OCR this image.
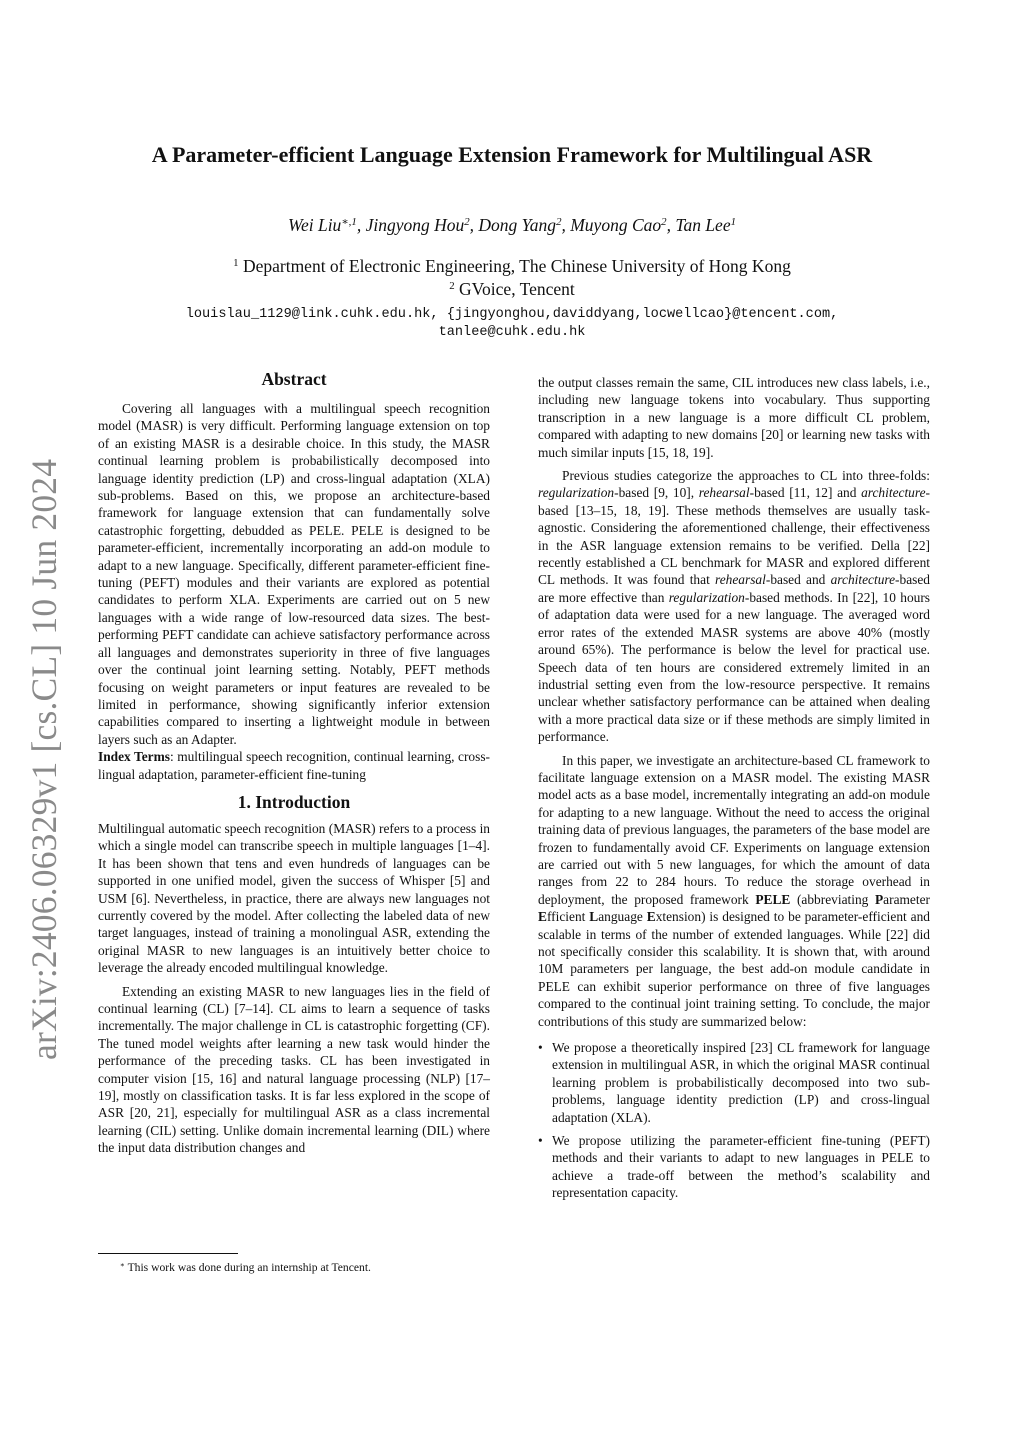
arXiv:2406.06329v1 [cs.CL] 10 Jun 2024
A Parameter-efficient Language Extension Framework for Multilingual ASR
Wei Liu$^{∗,1}$, Jingyong Hou$^2$, Dong Yang$^2$, Muyong Cao$^2$, Tan Lee$^1$
$^1$ Department of Electronic Engineering, The Chinese University of Hong Kong
$^2$ GVoice, Tencent
louislau_1129@link.cuhk.edu.hk, {jingyonghou,daviddyang,locwellcao}@tencent.com,
tanlee@cuhk.edu.hk
Abstract

Covering all languages with a multilingual speech recognition model (MASR) is very difficult. Performing language extension on top of an existing MASR is a desirable choice. In this study, the MASR continual learning problem is probabilistically decomposed into language identity prediction (LP) and cross-lingual adaptation (XLA) sub-problems. Based on this, we propose an architecture-based framework for language extension that can fundamentally solve catastrophic forgetting, debudded as PELE. PELE is designed to be parameter-efficient, incrementally incorporating an add-on module to adapt to a new language. Specifically, different parameter-efficient fine-tuning (PEFT) modules and their variants are explored as potential candidates to perform XLA. Experiments are carried out on 5 new languages with a wide range of low-resourced data sizes. The best-performing PEFT candidate can achieve satisfactory performance across all languages and demonstrates superiority in three of five languages over the continual joint learning setting. Notably, PEFT methods focusing on weight parameters or input features are revealed to be limited in performance, showing significantly inferior extension capabilities compared to inserting a lightweight module in between layers such as an Adapter.

Index Terms: multilingual speech recognition, continual learning, cross-lingual adaptation, parameter-efficient fine-tuning

1. Introduction

Multilingual automatic speech recognition (MASR) refers to a process in which a single model can transcribe speech in multiple languages [1–4]. It has been shown that tens and even hundreds of languages can be supported in one unified model, given the success of Whisper [5] and USM [6]. Nevertheless, in practice, there are always new languages not currently covered by the model. After collecting the labeled data of new target languages, instead of training a monolingual ASR, extending the original MASR to new languages is an intuitively better choice to leverage the already encoded multilingual knowledge.

Extending an existing MASR to new languages lies in the field of continual learning (CL) [7–14]. CL aims to learn a sequence of tasks incrementally. The major challenge in CL is catastrophic forgetting (CF). The tuned model weights after learning a new task would hinder the performance of the preceding tasks. CL has been investigated in computer vision [15, 16] and natural language processing (NLP) [17–19], mostly on classification tasks. It is far less explored in the scope of ASR [20, 21], especially for multilingual ASR as a class incremental learning (CIL) setting. Unlike domain incremental learning (DIL) where the input data distribution changes and

∗ This work was done during an internship at Tencent.

the output classes remain the same, CIL introduces new class labels, i.e., including new language tokens into vocabulary. Thus supporting transcription in a new language is a more difficult CL problem, compared with adapting to new domains [20] or learning new tasks with much similar inputs [15, 18, 19].

Previous studies categorize the approaches to CL into three-folds: regularization-based [9, 10], rehearsal-based [11, 12] and architecture-based [13–15, 18, 19]. These methods themselves are usually task-agnostic. Considering the aforementioned challenge, their effectiveness in the ASR language extension remains to be verified. Della [22] recently established a CL benchmark for MASR and explored different CL methods. It was found that rehearsal-based and architecture-based are more effective than regularization-based methods. In [22], 10 hours of adaptation data were used for a new language. The averaged word error rates of the extended MASR systems are above 40% (mostly around 65%). The performance is below the level for practical use. Speech data of ten hours are considered extremely limited in an industrial setting even from the low-resource perspective. It remains unclear whether satisfactory performance can be attained when dealing with a more practical data size or if these methods are simply limited in performance.

In this paper, we investigate an architecture-based CL framework to facilitate language extension on a MASR model. The existing MASR model acts as a base model, incrementally integrating an add-on module for adapting to a new language. Without the need to access the original training data of previous languages, the parameters of the base model are frozen to fundamentally avoid CF. Experiments on language extension are carried out with 5 new languages, for which the amount of data ranges from 22 to 284 hours. To reduce the storage overhead in deployment, the proposed framework PELE (abbreviating Parameter Efficient Language Extension) is designed to be parameter-efficient and scalable in terms of the number of extended languages. While [22] did not specifically consider this scalability. It is shown that, with around 10M parameters per language, the best add-on module candidate in PELE can exhibit superior performance on three of five languages compared to the continual joint training setting. To conclude, the major contributions of this study are summarized below:

• We propose a theoretically inspired [23] CL framework for language extension in multilingual ASR, in which the original MASR continual learning problem is probabilistically decomposed into two sub-problems, language identity prediction (LP) and cross-lingual adaptation (XLA).
• We propose utilizing the parameter-efficient fine-tuning (PEFT) methods and their variants to adapt to new languages in PELE to achieve a trade-off between the method’s scalability and representation capacity.
